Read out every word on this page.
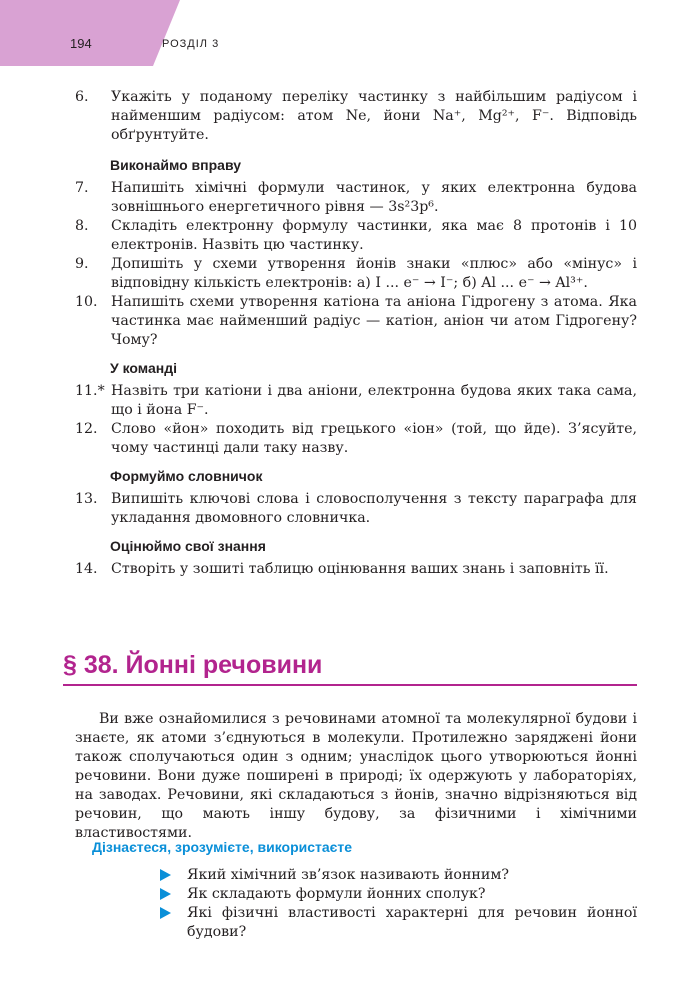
194	РОЗДІЛ 3
6.	Укажіть у поданому переліку частинку з найбільшим радіусом і найменшим радіусом: атом Ne, йони Na⁺, Mg²⁺, F⁻. Відповідь обґрунтуйте.
Виконаймо вправу
7.	Напишіть хімічні формули частинок, у яких електронна будова зовнішнього енергетичного рівня — 3s²3p⁶.
8.	Складіть електронну формулу частинки, яка має 8 протонів і 10 електронів. Назвіть цю частинку.
9.	Допишіть у схеми утворення йонів знаки «плюс» або «мінус» і відповідну кількість електронів: а) I ... e⁻ → I⁻; б) Al ... e⁻ → Al³⁺.
10. Напишіть схеми утворення катіона та аніона Гідрогену з атома. Яка частинка має найменший радіус — катіон, аніон чи атом Гідрогену? Чому?
У команді
11.* Назвіть три катіони і два аніони, електронна будова яких така сама, що і йона F⁻.
12. Слово «йон» походить від грецького «іон» (той, що йде). З’ясуйте, чому частинці дали таку назву.
Формуймо словничок
13. Випишіть ключові слова і словосполучення з тексту параграфа для укладання двомовного словничка.
Оцінюймо свої знання
14. Створіть у зошиті таблицю оцінювання ваших знань і заповніть її.
§ 38. Йонні речовини

Ви вже ознайомилися з речовинами атомної та молекулярної будови і знаєте, як атоми з’єднуються в молекули. Протилежно заряджені йони також сполучаються один з одним; унаслідок цього утворюються йонні речовини. Вони дуже поширені в природі; їх одержують у лабораторіях, на заводах. Речовини, які складаються з йонів, значно відрізняються від речовин, що мають іншу будову, за фізичними і хімічними властивостями.

Дізнаєтеся, зрозумієте, використаєте
Який хімічний зв’язок називають йонним?
Як складають формули йонних сполук?
Які фізичні властивості характерні для речовин йонної будови?
